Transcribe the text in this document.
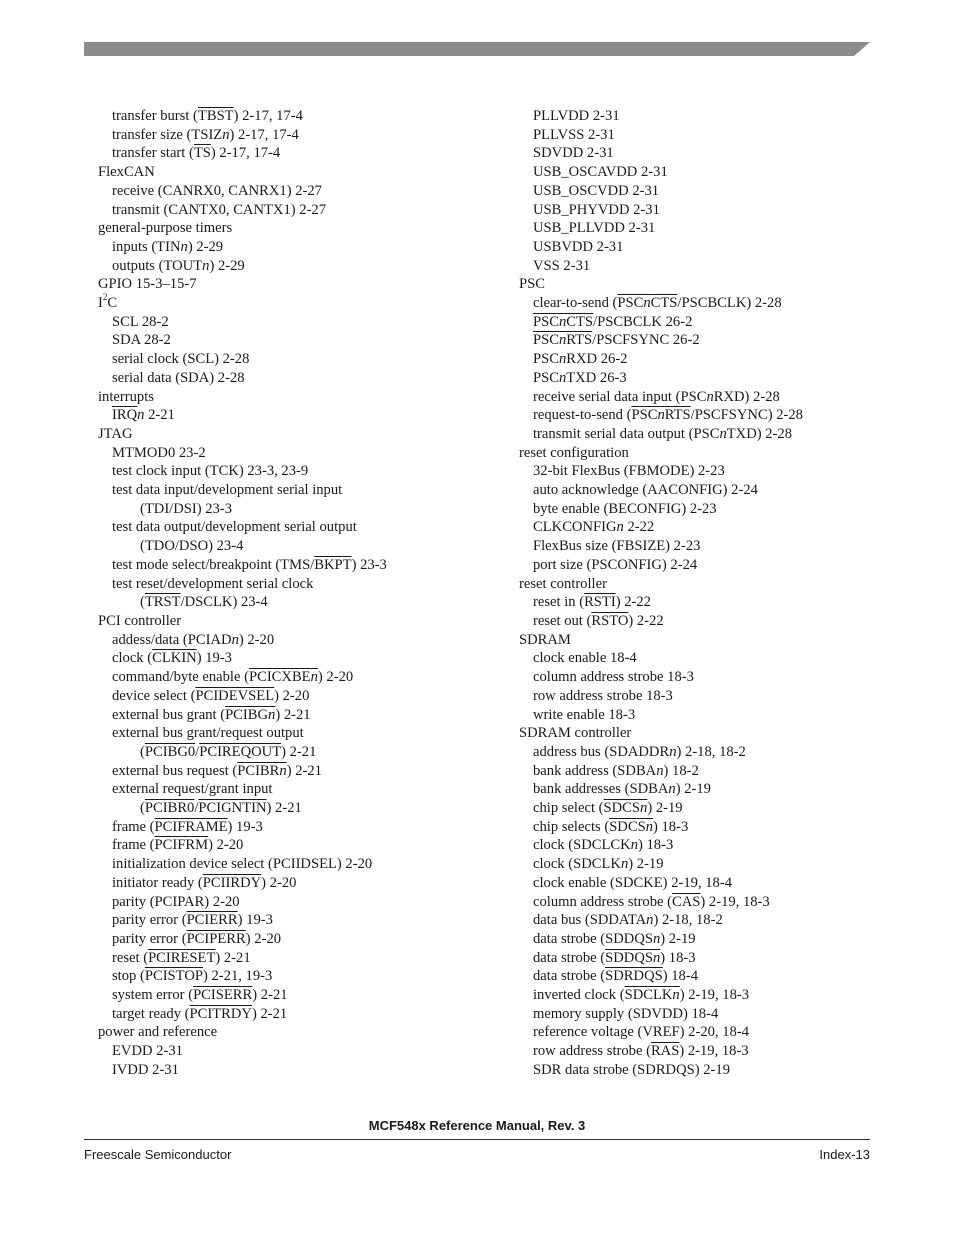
transfer burst (TBST) 2-17, 17-4
transfer size (TSIZn) 2-17, 17-4
transfer start $(\overline{TS})$ 2-17, 17-4
FlexCAN
receive (CANRX0, CANRX1) 2-27
transmit (CANTX0, CANTX1) 2-27
general-purpose timers
inputs (TINn) 2-29
outputs (TOUTn) 2-29
GPIO 15-3–15-7
$I^2C$
SCL 28-2
SDA 28-2
serial clock (SCL) 2-28
serial data (SDA) 2-28
interrupts
$\overline{IRQ}n$ 2-21
JTAG
MTMOD0 23-2
test clock input (TCK) 23-3, 23-9
test data input/development serial input
(TDI/DSI) 23-3
test data output/development serial output
(TDO/DSO) 23-4
test mode select/breakpoint (TMS/BKPT) 23-3
test reset/development serial clock
(TRST/DSCLK) 23-4
PCI controller
addess/data (PCIADn) 2-20
clock (CLKIN) 19-3
command/byte enable $(PCICXBE\overline{n})$ 2-20
device select (PCIDEVSEL) 2-20
external bus grant $(PCIBG\overline{n})$ 2-21
external bus grant/request output
(PCIBG0/PCIREQOUT) 2-21
external bus request $(PCIBR\overline{n})$ 2-21
external request/grant input
(PCIBR0/PCIGNTIN) 2-21
frame (PCIFRAME) 19-3
frame (PCIFRM) 2-20
initialization device select (PCIIDSEL) 2-20
initiator ready (PCIIRDY) 2-20
parity (PCIPAR) 2-20
parity error (PCIERR) 19-3
parity error (PCIPERR) 2-20
reset (PCIRESET) 2-21
stop (PCISTOP) 2-21, 19-3
system error (PCISERR) 2-21
target ready (PCITRDY) 2-21
power and reference
EVDD 2-31
IVDD 2-31
PLLVDD 2-31
PLLVSS 2-31
SDVDD 2-31
USB_OSCAVDD 2-31
USB_OSCVDD 2-31
USB_PHYVDD 2-31
USB_PLLVDD 2-31
USBVDD 2-31
VSS 2-31
PSC
clear-to-send $(\overline{PSC}\overline{n}\overline{CTS}/PSCBCLK)$ 2-28
$\overline{PSC}\overline{n}\overline{CTS}$/PSCBCLK 26-2
$\overline{PSC}\overline{n}\overline{RTS}$/PSCFSYNC 26-2
PSCnRXD 26-2
PSCnTXD 26-3
receive serial data input (PSCnRXD) 2-28
request-to-send $(\overline{PSC}\overline{n}\overline{RTS}/PSCFSYNC)$ 2-28
transmit serial data output (PSCnTXD) 2-28
reset configuration
32-bit FlexBus (FBMODE) 2-23
auto acknowledge (AACONFIG) 2-24
byte enable (BECONFIG) 2-23
CLKCONFIGn 2-22
FlexBus size (FBSIZE) 2-23
port size (PSCONFIG) 2-24
reset controller
reset in (RSTI) 2-22
reset out (RSTO) 2-22
SDRAM
clock enable 18-4
column address strobe 18-3
row address strobe 18-3
write enable 18-3
SDRAM controller
address bus (SDADDRn) 2-18, 18-2
bank address (SDBAn) 18-2
bank addresses (SDBAn) 2-19
chip select $(SDCS\overline{n})$ 2-19
chip selects $(SDCS\overline{n})$ 18-3
clock (SDCLCKn) 18-3
clock (SDCLKn) 2-19
clock enable (SDCKE) 2-19, 18-4
column address strobe $(\overline{CAS})$ 2-19, 18-3
data bus (SDDATAn) 2-18, 18-2
data strobe (SDDQSn) 2-19
data strobe $(SDDQS\overline{n})$ 18-3
data strobe (SDRDQS) 18-4
inverted clock $(SDCLK\overline{n})$ 2-19, 18-3
memory supply (SDVDD) 18-4
reference voltage (VREF) 2-20, 18-4
row address strobe $(\overline{RAS})$ 2-19, 18-3
SDR data strobe (SDRDQS) 2-19
MCF548x Reference Manual, Rev. 3
Freescale Semiconductor	Index-13
